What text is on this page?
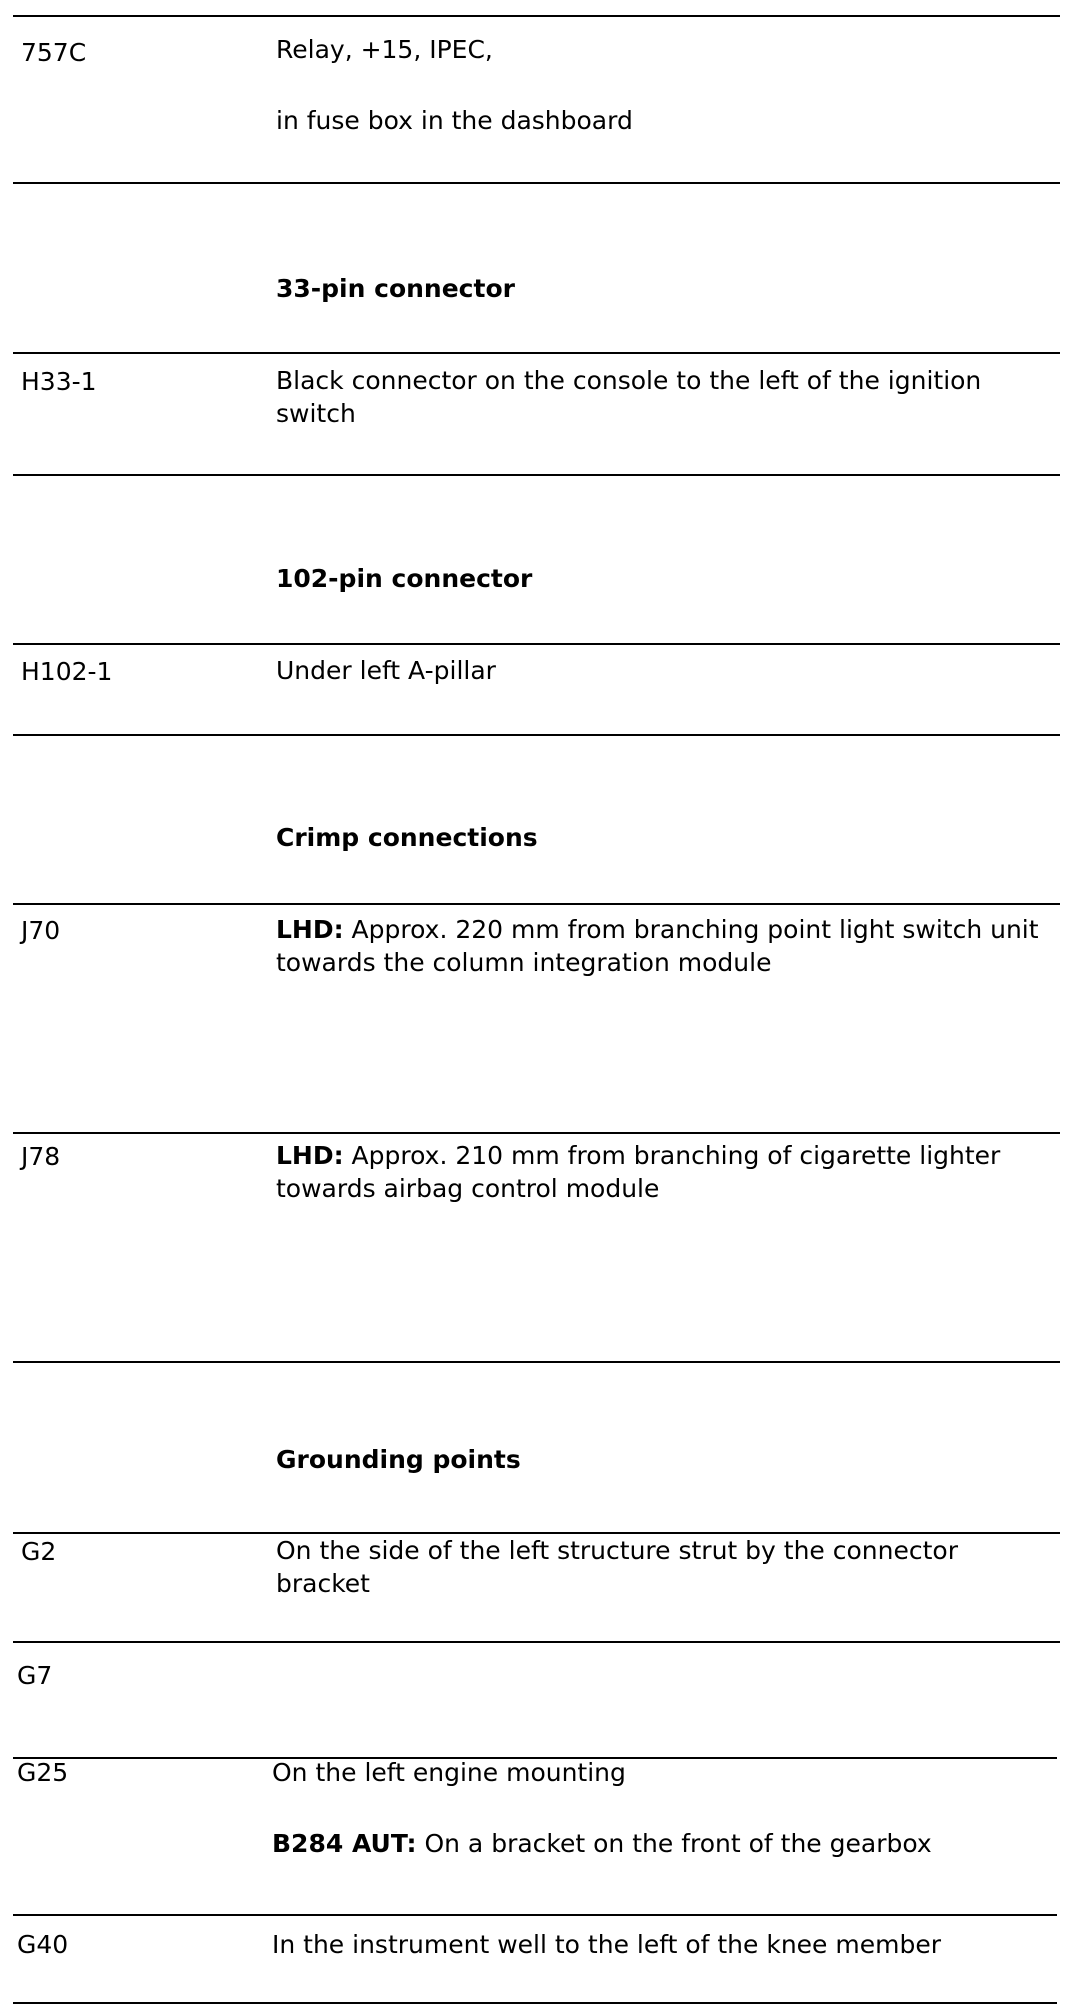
757C	Relay, +15, IPEC,
in fuse box in the dashboard
33-pin connector
H33-1	Black connector on the console to the left of the ignition switch
102-pin connector
H102-1	Under left A-pillar
Crimp connections
J70	LHD: Approx. 220 mm from branching point light switch unit towards the column integration module
J78	LHD: Approx. 210 mm from branching of cigarette lighter towards airbag control module
Grounding points
G2	On the side of the left structure strut by the connector bracket
G7
G25	On the left engine mounting
B284 AUT: On a bracket on the front of the gearbox
G40	In the instrument well to the left of the knee member
